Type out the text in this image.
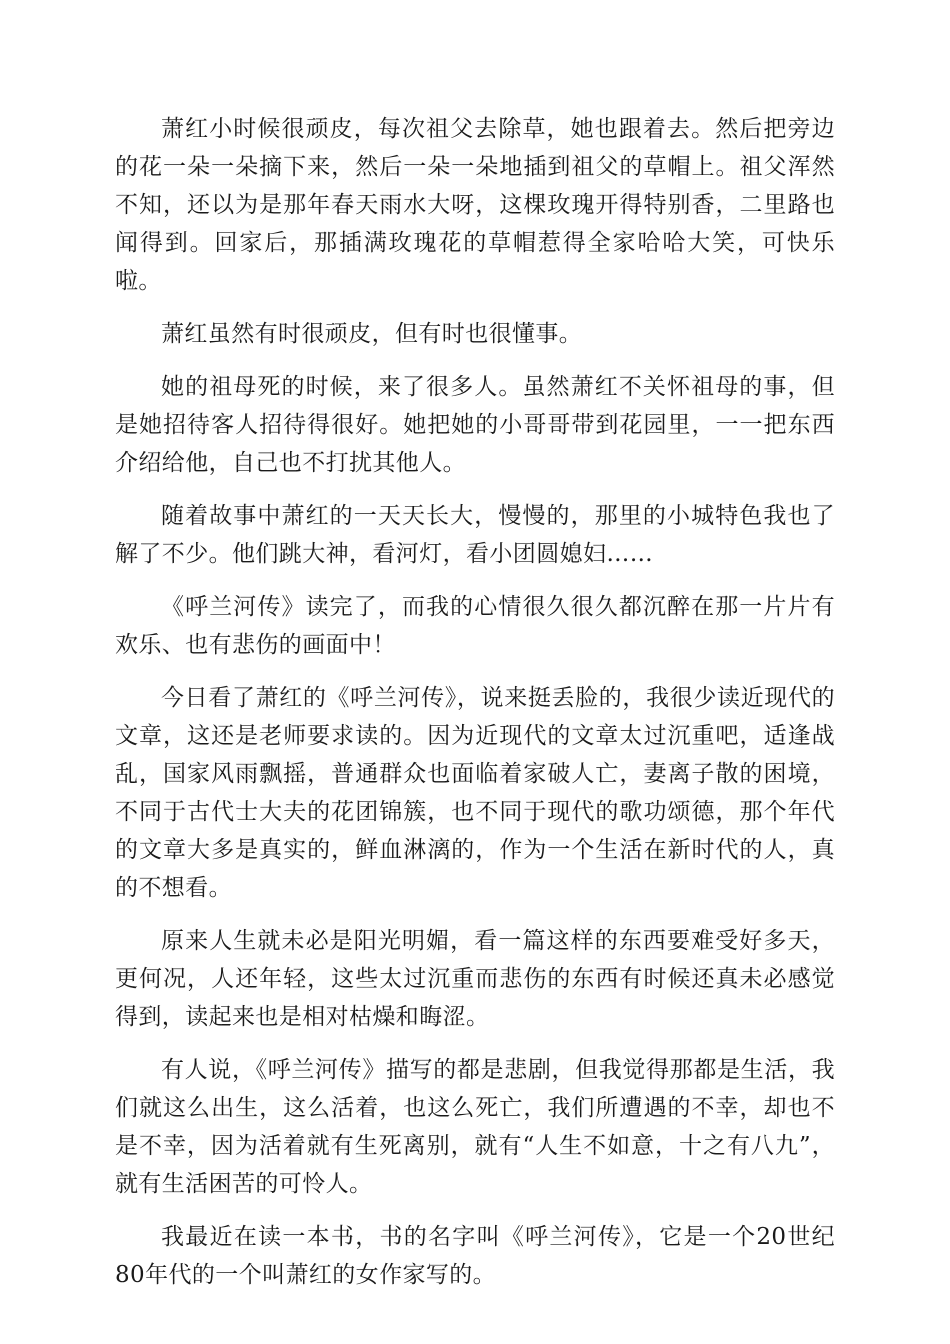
萧红小时候很顽皮，每次祖父去除草，她也跟着去。然后把旁边的花一朵一朵摘下来，然后一朵一朵地插到祖父的草帽上。祖父浑然不知，还以为是那年春天雨水大呀，这棵玫瑰开得特别香，二里路也闻得到。回家后，那插满玫瑰花的草帽惹得全家哈哈大笑，可快乐啦。

萧红虽然有时很顽皮，但有时也很懂事。

她的祖母死的时候，来了很多人。虽然萧红不关怀祖母的事，但是她招待客人招待得很好。她把她的小哥哥带到花园里，一一把东西介绍给他，自己也不打扰其他人。

随着故事中萧红的一天天长大，慢慢的，那里的小城特色我也了解了不少。他们跳大神，看河灯，看小团圆媳妇……

《呼兰河传》读完了，而我的心情很久很久都沉醉在那一片片有欢乐、也有悲伤的画面中！

今日看了萧红的《呼兰河传》，说来挺丢脸的，我很少读近现代的文章，这还是老师要求读的。因为近现代的文章太过沉重吧，适逢战乱，国家风雨飘摇，普通群众也面临着家破人亡，妻离子散的困境，不同于古代士大夫的花团锦簇，也不同于现代的歌功颂德，那个年代的文章大多是真实的，鲜血淋漓的，作为一个生活在新时代的人，真的不想看。

原来人生就未必是阳光明媚，看一篇这样的东西要难受好多天，更何况，人还年轻，这些太过沉重而悲伤的东西有时候还真未必感觉得到，读起来也是相对枯燥和晦涩。

有人说，《呼兰河传》描写的都是悲剧，但我觉得那都是生活，我们就这么出生，这么活着，也这么死亡，我们所遭遇的不幸，却也不是不幸，因为活着就有生死离别，就有“人生不如意，十之有八九”，就有生活困苦的可怜人。

我最近在读一本书，书的名字叫《呼兰河传》，它是一个20世纪80年代的一个叫萧红的女作家写的。
